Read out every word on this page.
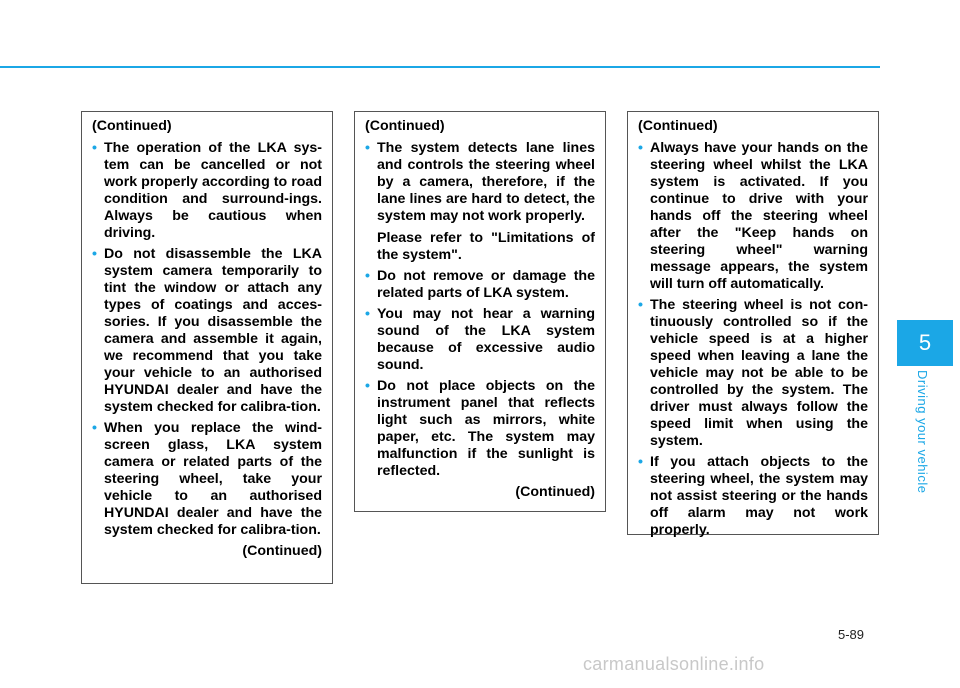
(Continued)

• The operation of the LKA sys-tem can be cancelled or not work properly according to road condition and surround-ings. Always be cautious when driving.
• Do not disassemble the LKA system camera temporarily to tint the window or attach any types of coatings and acces-sories. If you disassemble the camera and assemble it again, we recommend that you take your vehicle to an authorised HYUNDAI dealer and have the system checked for calibra-tion.
• When you replace the wind-screen glass, LKA system camera or related parts of the steering wheel, take your vehicle to an authorised HYUNDAI dealer and have the system checked for calibra-tion.

(Continued)

(Continued)

• The system detects lane lines and controls the steering wheel by a camera, therefore, if the lane lines are hard to detect, the system may not work properly.

Please refer to "Limitations of the system".

• Do not remove or damage the related parts of LKA system.
• You may not hear a warning sound of the LKA system because of excessive audio sound.
• Do not place objects on the instrument panel that reflects light such as mirrors, white paper, etc. The system may malfunction if the sunlight is reflected.

(Continued)

(Continued)

• Always have your hands on the steering wheel whilst the LKA system is activated. If you continue to drive with your hands off the steering wheel after the "Keep hands on steering wheel" warning message appears, the system will turn off automatically.
• The steering wheel is not con-tinuously controlled so if the vehicle speed is at a higher speed when leaving a lane the vehicle may not be able to be controlled by the system. The driver must always follow the speed limit when using the system.
• If you attach objects to the steering wheel, the system may not assist steering or the hands off alarm may not work properly.
5
Driving your vehicle
5-89
carmanualsonline.info
